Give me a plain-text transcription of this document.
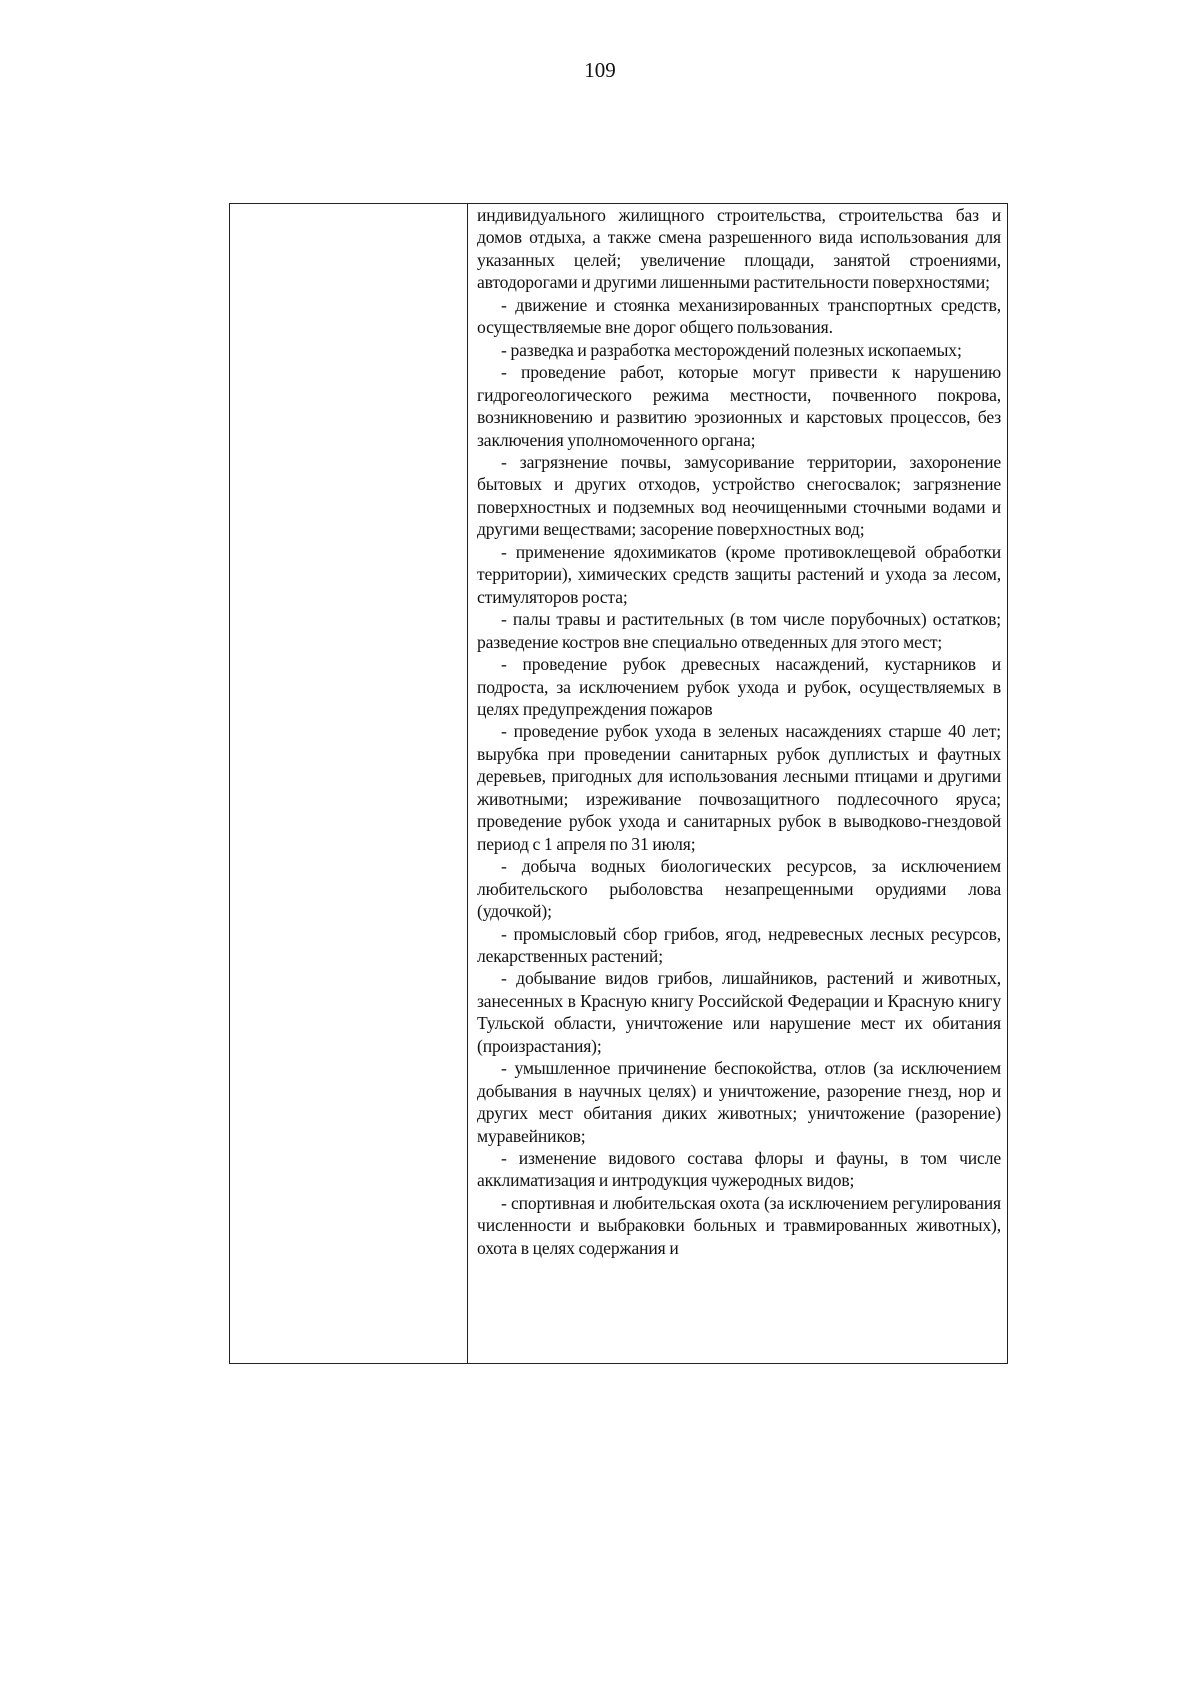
109

индивидуального жилищного строительства, строительства баз и домов отдыха, а также смена разрешенного вида использования для указанных целей; увеличение площади, занятой строениями, автодорогами и другими лишенными растительности поверхностями;

- движение и стоянка механизированных транспортных средств, осуществляемые вне дорог общего пользования.

- разведка и разработка месторождений полезных ископаемых;

- проведение работ, которые могут привести к нарушению гидрогеологического режима местности, почвенного покрова, возникновению и развитию эрозионных и карстовых процессов, без заключения уполномоченного органа;

- загрязнение почвы, замусоривание территории, захоронение бытовых и других отходов, устройство снегосвалок; загрязнение поверхностных и подземных вод неочищенными сточными водами и другими веществами; засорение поверхностных вод;

- применение ядохимикатов (кроме противоклещевой обработки территории), химических средств защиты растений и ухода за лесом, стимуляторов роста;

- палы травы и растительных (в том числе порубочных) остатков; разведение костров вне специально отведенных для этого мест;

- проведение рубок древесных насаждений, кустарников и подроста, за исключением рубок ухода и рубок, осуществляемых в целях предупреждения пожаров

- проведение рубок ухода в зеленых насаждениях старше 40 лет; вырубка при проведении санитарных рубок дуплистых и фаутных деревьев, пригодных для использования лесными птицами и другими животными; изреживание почвозащитного подлесочного яруса; проведение рубок ухода и санитарных рубок в выводково-гнездовой период с 1 апреля по 31 июля;

- добыча водных биологических ресурсов, за исключением любительского рыболовства незапрещенными орудиями лова (удочкой);

- промысловый сбор грибов, ягод, недревесных лесных ресурсов, лекарственных растений;

- добывание видов грибов, лишайников, растений и животных, занесенных в Красную книгу Российской Федерации и Красную книгу Тульской области, уничтожение или нарушение мест их обитания (произрастания);

- умышленное причинение беспокойства, отлов (за исключением добывания в научных целях) и уничтожение, разорение гнезд, нор и других мест обитания диких животных; уничтожение (разорение) муравейников;

- изменение видового состава флоры и фауны, в том числе акклиматизация и интродукция чужеродных видов;

- спортивная и любительская охота (за исключением регулирования численности и выбраковки больных и травмированных животных), охота в целях содержания и
